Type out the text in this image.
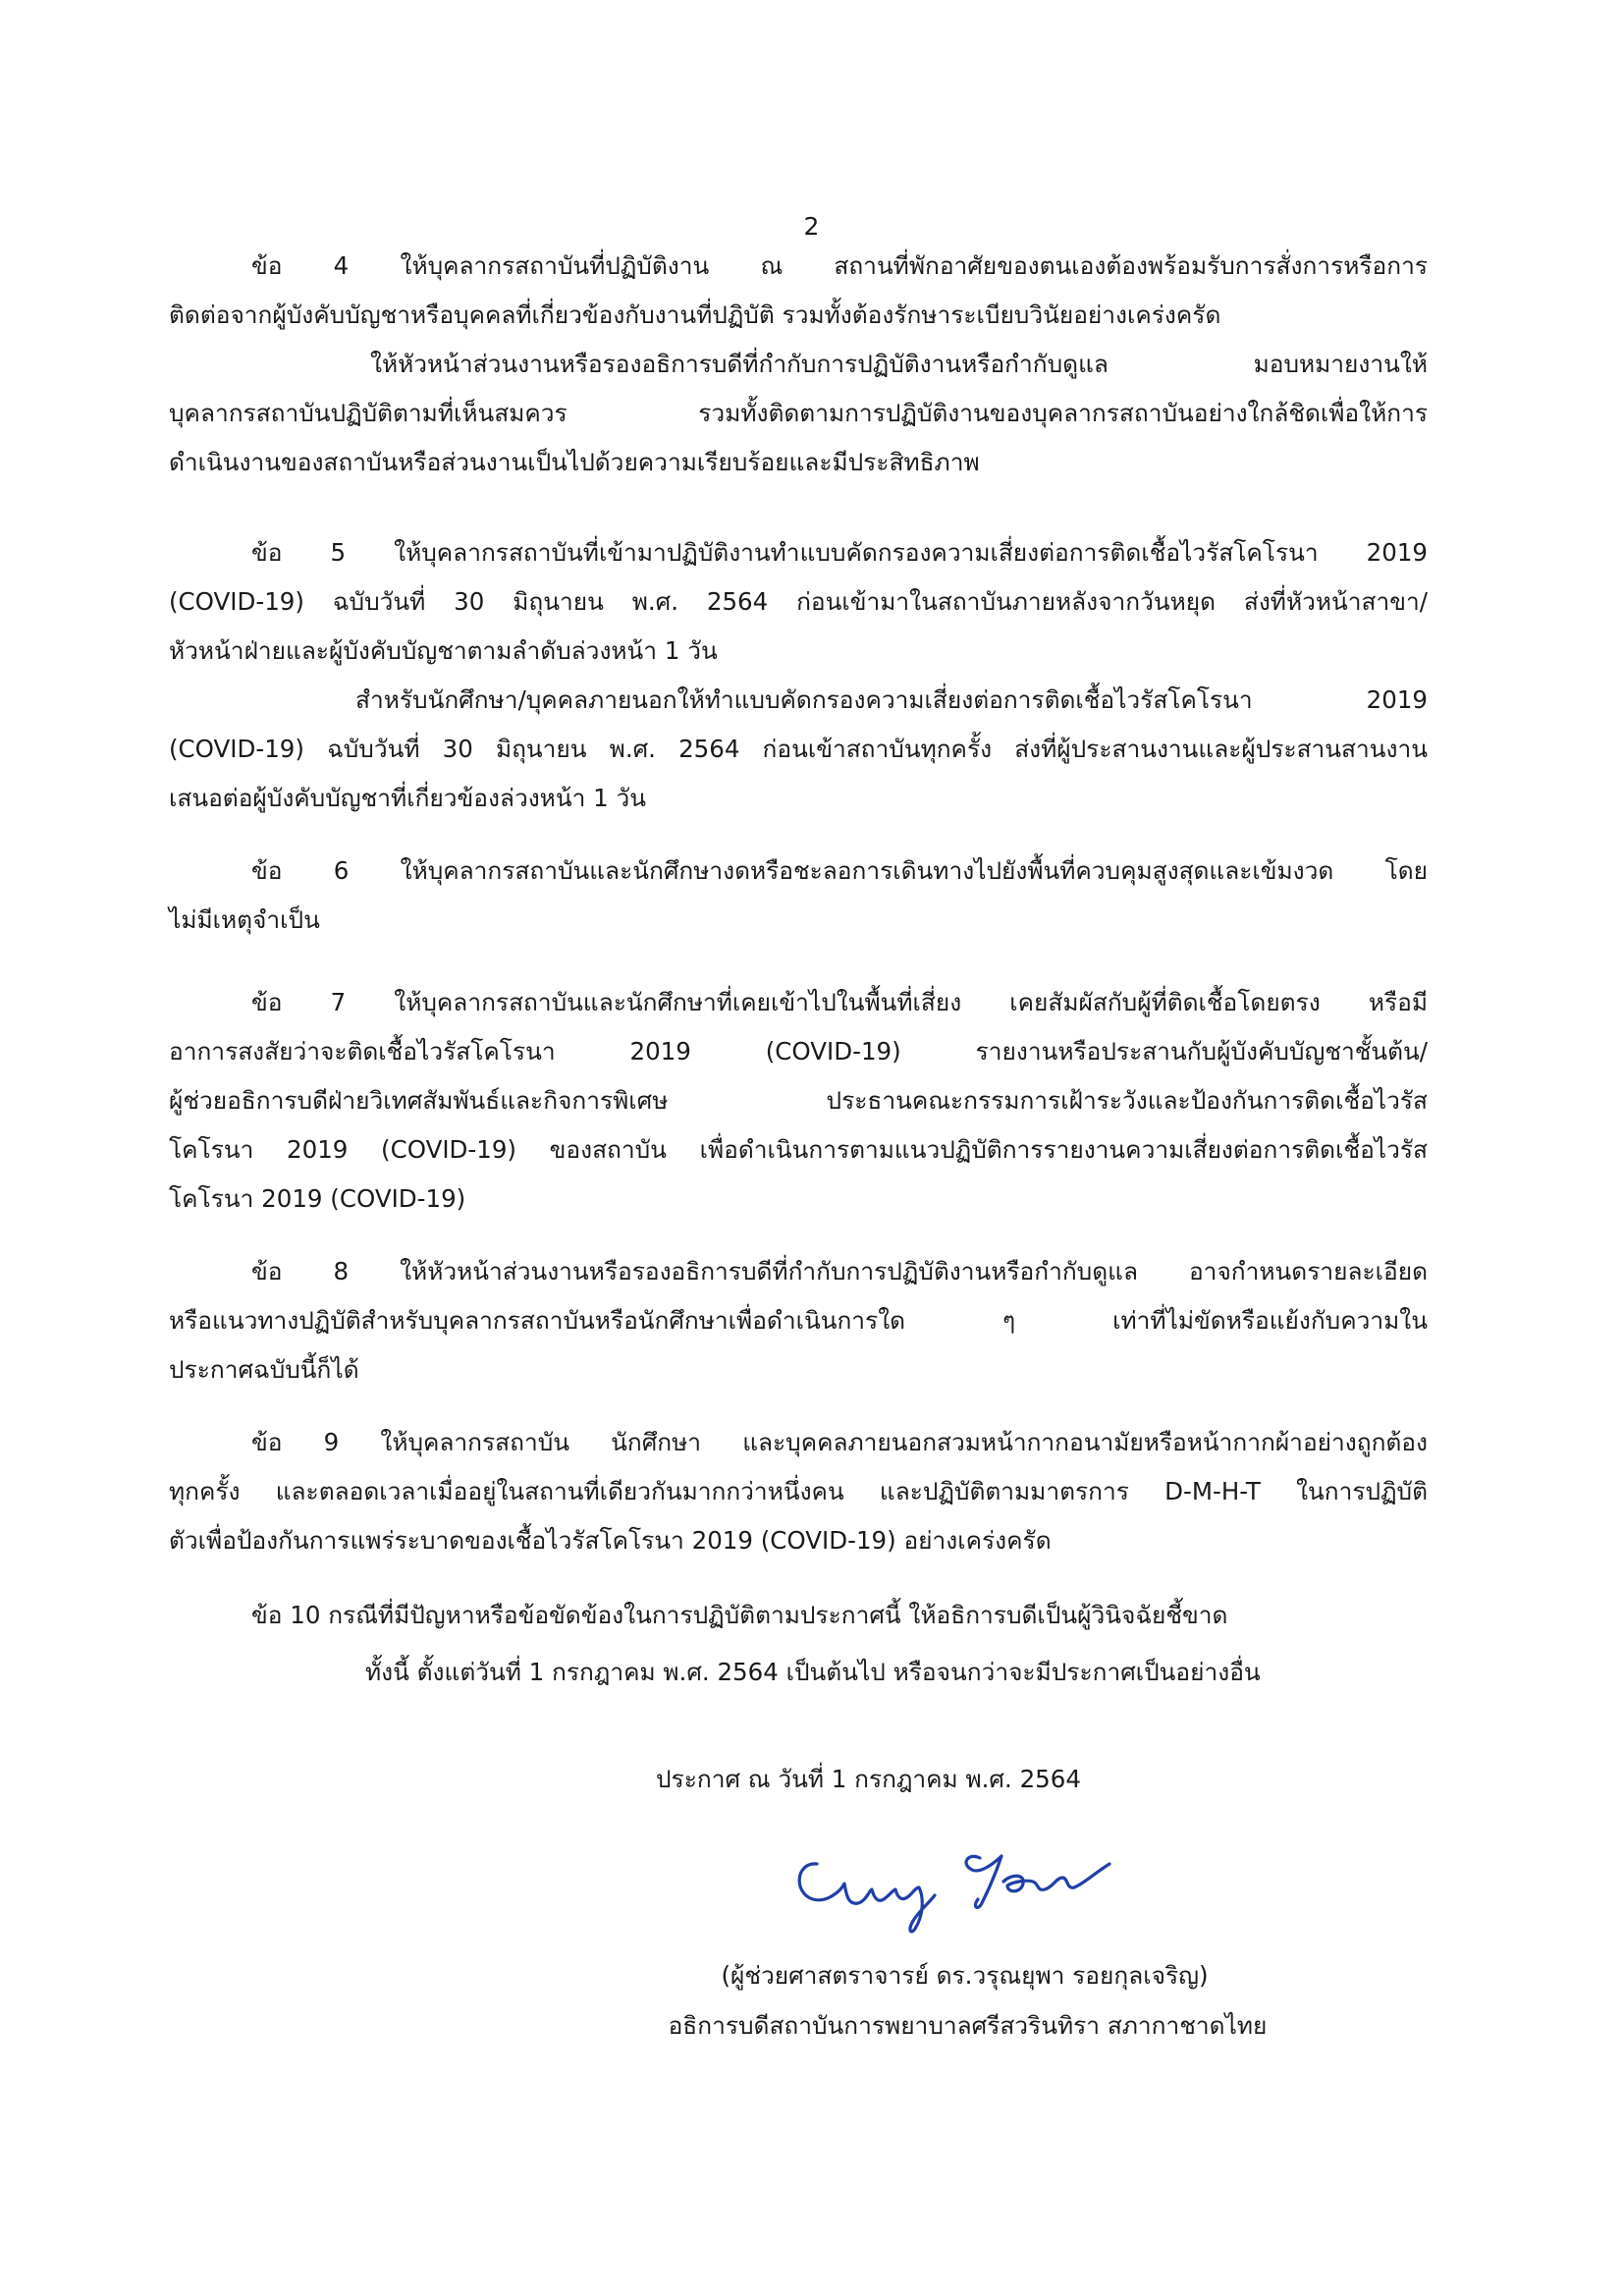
2
ข้อ 4 ให้บุคลากรสถาบันที่ปฏิบัติงาน ณ สถานที่พักอาศัยของตนเองต้องพร้อมรับการสั่งการหรือการ
ติดต่อจากผู้บังคับบัญชาหรือบุคคลที่เกี่ยวข้องกับงานที่ปฏิบัติ รวมทั้งต้องรักษาระเบียบวินัยอย่างเคร่งครัด
ให้หัวหน้าส่วนงานหรือรองอธิการบดีที่กำกับการปฏิบัติงานหรือกำกับดูแล มอบหมายงานให้
บุคลากรสถาบันปฏิบัติตามที่เห็นสมควร รวมทั้งติดตามการปฏิบัติงานของบุคลากรสถาบันอย่างใกล้ชิดเพื่อให้การ
ดำเนินงานของสถาบันหรือส่วนงานเป็นไปด้วยความเรียบร้อยและมีประสิทธิภาพ
ข้อ 5 ให้บุคลากรสถาบันที่เข้ามาปฏิบัติงานทำแบบคัดกรองความเสี่ยงต่อการติดเชื้อไวรัสโคโรนา 2019
(COVID-19) ฉบับวันที่ 30 มิถุนายน พ.ศ. 2564 ก่อนเข้ามาในสถาบันภายหลังจากวันหยุด ส่งที่หัวหน้าสาขา/
หัวหน้าฝ่ายและผู้บังคับบัญชาตามลำดับล่วงหน้า 1 วัน
สำหรับนักศึกษา/บุคคลภายนอกให้ทำแบบคัดกรองความเสี่ยงต่อการติดเชื้อไวรัสโคโรนา 2019
(COVID-19) ฉบับวันที่ 30 มิถุนายน พ.ศ. 2564 ก่อนเข้าสถาบันทุกครั้ง ส่งที่ผู้ประสานงานและผู้ประสานสานงาน
เสนอต่อผู้บังคับบัญชาที่เกี่ยวข้องล่วงหน้า 1 วัน
ข้อ 6 ให้บุคลากรสถาบันและนักศึกษางดหรือชะลอการเดินทางไปยังพื้นที่ควบคุมสูงสุดและเข้มงวด โดย
ไม่มีเหตุจำเป็น
ข้อ 7 ให้บุคลากรสถาบันและนักศึกษาที่เคยเข้าไปในพื้นที่เสี่ยง เคยสัมผัสกับผู้ที่ติดเชื้อโดยตรง หรือมี
อาการสงสัยว่าจะติดเชื้อไวรัสโคโรนา 2019 (COVID-19) รายงานหรือประสานกับผู้บังคับบัญชาชั้นต้น/
ผู้ช่วยอธิการบดีฝ่ายวิเทศสัมพันธ์และกิจการพิเศษ ประธานคณะกรรมการเฝ้าระวังและป้องกันการติดเชื้อไวรัส
โคโรนา 2019 (COVID-19) ของสถาบัน เพื่อดำเนินการตามแนวปฏิบัติการรายงานความเสี่ยงต่อการติดเชื้อไวรัส
โคโรนา 2019 (COVID-19)
ข้อ 8 ให้หัวหน้าส่วนงานหรือรองอธิการบดีที่กำกับการปฏิบัติงานหรือกำกับดูแล อาจกำหนดรายละเอียด
หรือแนวทางปฏิบัติสำหรับบุคลากรสถาบันหรือนักศึกษาเพื่อดำเนินการใด ๆ เท่าที่ไม่ขัดหรือแย้งกับความใน
ประกาศฉบับนี้ก็ได้
ข้อ 9 ให้บุคลากรสถาบัน นักศึกษา และบุคคลภายนอกสวมหน้ากากอนามัยหรือหน้ากากผ้าอย่างถูกต้อง
ทุกครั้ง และตลอดเวลาเมื่ออยู่ในสถานที่เดียวกันมากกว่าหนึ่งคน และปฏิบัติตามมาตรการ D-M-H-T ในการปฏิบัติ
ตัวเพื่อป้องกันการแพร่ระบาดของเชื้อไวรัสโคโรนา 2019 (COVID-19) อย่างเคร่งครัด
ข้อ 10 กรณีที่มีปัญหาหรือข้อขัดข้องในการปฏิบัติตามประกาศนี้ ให้อธิการบดีเป็นผู้วินิจฉัยชี้ขาด
ทั้งนี้ ตั้งแต่วันที่ 1 กรกฎาคม พ.ศ. 2564 เป็นต้นไป หรือจนกว่าจะมีประกาศเป็นอย่างอื่น
ประกาศ ณ วันที่ 1 กรกฎาคม พ.ศ. 2564
(ผู้ช่วยศาสตราจารย์ ดร.วรุณยุพา รอยกุลเจริญ)
อธิการบดีสถาบันการพยาบาลศรีสวรินทิรา สภากาชาดไทย
